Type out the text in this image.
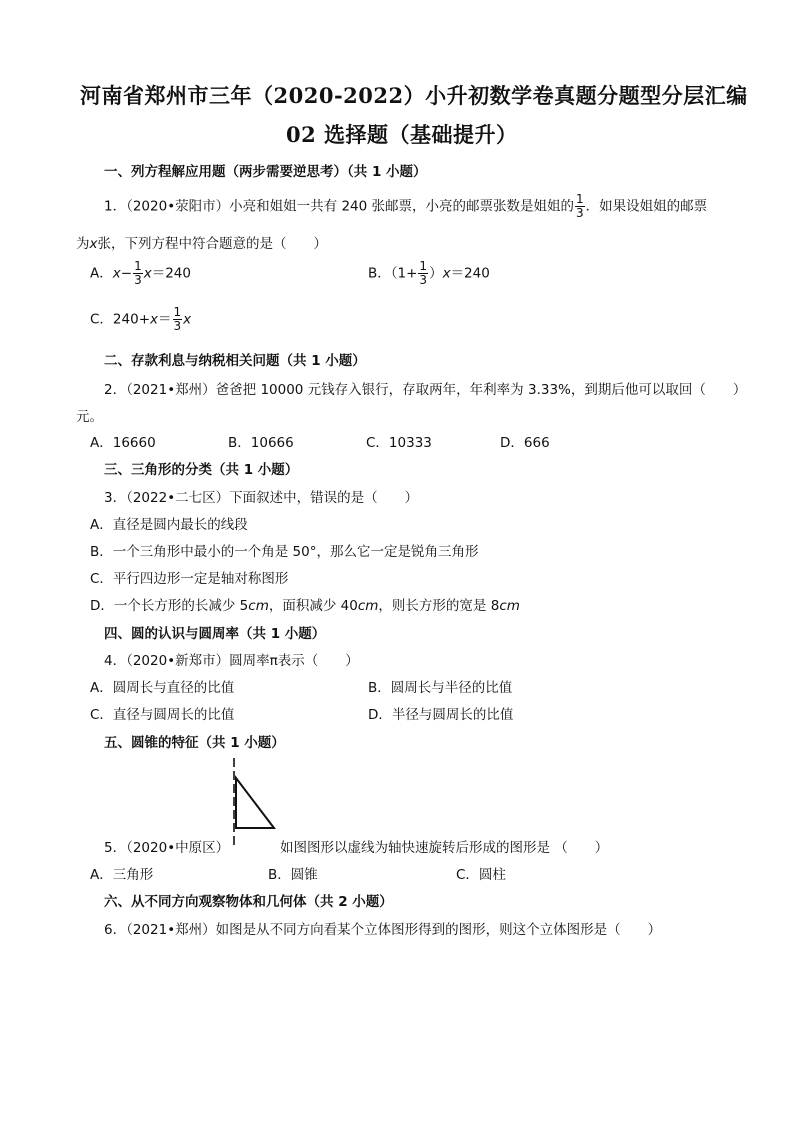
河南省郑州市三年（2020-2022）小升初数学卷真题分题型分层汇编
02 选择题（基础提升）
一、列方程解应用题（两步需要逆思考）（共 1 小题）
1．（2020•荥阳市）小亮和姐姐一共有 240 张邮票，小亮的邮票张数是姐姐的 $\frac{1}{3}$ ．如果设姐姐的邮票
为x张，下列方程中符合题意的是（　　）
A．$x- \frac{1}{3} x=240$	B．$(1+ \frac{1}{3} )x=240$
C．$240+x= \frac{1}{3}$ x
二、存款利息与纳税相关问题（共 1 小题）
2．（2021•郑州）爸爸把 10000 元钱存入银行，存取两年，年利率为 3.33%，到期后他可以取回（　　）
元。
A．16660	B．10666	C．10333	D．666
三、三角形的分类（共 1 小题）
3．（2022•二七区）下面叙述中，错误的是（　　）
A．直径是圆内最长的线段
B．一个三角形中最小的一个角是 50°，那么它一定是锐角三角形
C．平行四边形一定是轴对称图形
D．一个长方形的长减少 5cm，面积减少 40cm，则长方形的宽是 8cm
四、圆的认识与圆周率（共 1 小题）
4．（2020•新郑市）圆周率π表示（　　）
A．圆周长与直径的比值	B．圆周长与半径的比值
C．直径与圆周长的比值	D．半径与圆周长的比值
五、圆锥的特征（共 1 小题）
5．（2020•中原区）	如图图形以虚线为轴快速旋转后形成的图形是 （　　）
A．三角形	B．圆锥	C．圆柱
六、从不同方向观察物体和几何体（共 2 小题）
6．（2021•郑州）如图是从不同方向看某个立体图形得到的图形，则这个立体图形是（　　）
